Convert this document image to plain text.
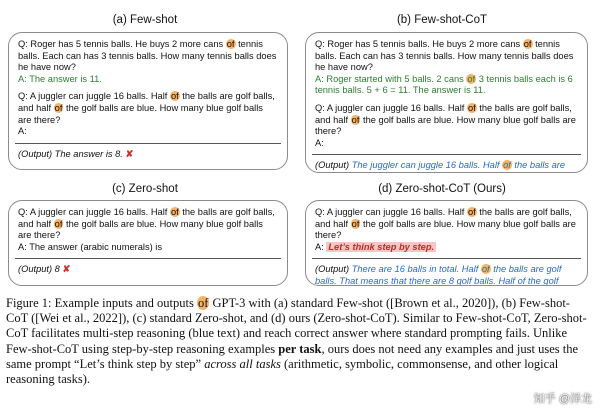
(a) Few-shot	(b) Few-shot-CoT
(c) Zero-shot	(d) Zero-shot-CoT (Ours)

Q: Roger has 5 tennis balls. He buys 2 more cans of tennis balls. Each can has 3 tennis balls. How many tennis balls does he have now?

A: The answer is 11.

Q: A juggler can juggle 16 balls. Half of the balls are golf balls, and half of the golf balls are blue. How many blue golf balls are there?

A:

(Output) The answer is 8. ✘

Q: Roger has 5 tennis balls. He buys 2 more cans of tennis balls. Each can has 3 tennis balls. How many tennis balls does he have now?

A: Roger started with 5 balls. 2 cans of 3 tennis balls each is 6 tennis balls. 5 + 6 = 11. The answer is 11.

Q: A juggler can juggle 16 balls. Half of the balls are golf balls, and half of the golf balls are blue. How many blue golf balls are there?

A:

(Output) The juggler can juggle 16 balls. Half of the balls are

Q: A juggler can juggle 16 balls. Half of the balls are golf balls, and half of the golf balls are blue. How many blue golf balls are there?

A: The answer (arabic numerals) is

(Output) 8 ✘

Q: A juggler can juggle 16 balls. Half of the balls are golf balls, and half of the golf balls are blue. How many blue golf balls are there?

A: Let’s think step by step.

(Output) There are 16 balls in total. Half of the balls are golf balls. That means that there are 8 golf balls. Half of the golf

Figure 1: Example inputs and outputs of GPT-3 with (a) standard Few-shot ([Brown et al., 2020]), (b) Few-shot-CoT ([Wei et al., 2022]), (c) standard Zero-shot, and (d) ours (Zero-shot-CoT). Similar to Few-shot-CoT, Zero-shot-CoT facilitates multi-step reasoning (blue text) and reach correct answer where standard prompting fails. Unlike Few-shot-CoT using step-by-step reasoning examples per task, ours does not need any examples and just uses the same prompt “Let’s think step by step” across all tasks (arithmetic, symbolic, commonsense, and other logical reasoning tasks).
知乎 @泽龙
